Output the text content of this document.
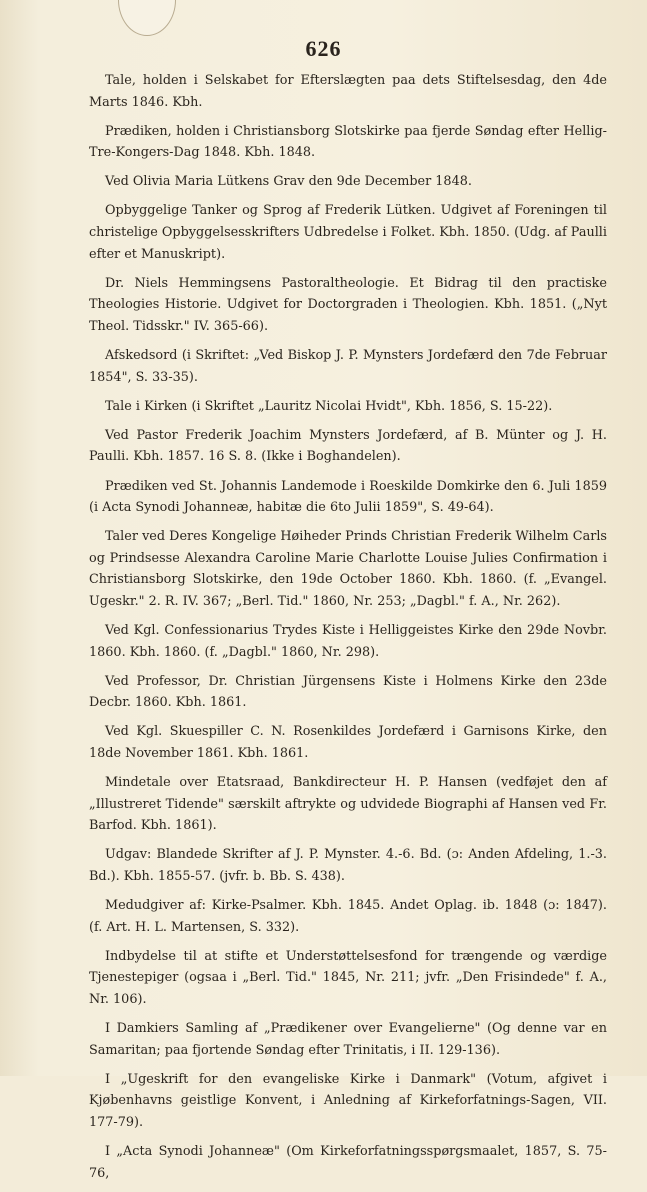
626

Tale, holden i Selskabet for Efterslægten paa dets Stiftelsesdag, den 4de Marts 1846. Kbh.

Prædiken, holden i Christiansborg Slotskirke paa fjerde Søndag efter Hellig-Tre-Kongers-Dag 1848. Kbh. 1848.

Ved Olivia Maria Lütkens Grav den 9de December 1848.

Opbyggelige Tanker og Sprog af Frederik Lütken. Udgivet af Foreningen til christelige Opbyggelsesskrifters Udbredelse i Folket. Kbh. 1850. (Udg. af Paulli efter et Manuskript).

Dr. Niels Hemmingsens Pastoraltheologie. Et Bidrag til den practiske Theologies Historie. Udgivet for Doctorgraden i Theologien. Kbh. 1851. („Nyt Theol. Tidsskr." IV. 365-66).

Afskedsord (i Skriftet: „Ved Biskop J. P. Mynsters Jordefærd den 7de Februar 1854", S. 33-35).

Tale i Kirken (i Skriftet „Lauritz Nicolai Hvidt", Kbh. 1856, S. 15-22).

Ved Pastor Frederik Joachim Mynsters Jordefærd, af B. Münter og J. H. Paulli. Kbh. 1857. 16 S. 8. (Ikke i Boghandelen).

Prædiken ved St. Johannis Landemode i Roeskilde Domkirke den 6. Juli 1859 (i Acta Synodi Johanneæ, habitæ die 6to Julii 1859", S. 49-64).

Taler ved Deres Kongelige Høiheder Prinds Christian Frederik Wilhelm Carls og Prindsesse Alexandra Caroline Marie Charlotte Louise Julies Confirmation i Christiansborg Slotskirke, den 19de October 1860. Kbh. 1860. (f. „Evangel. Ugeskr." 2. R. IV. 367; „Berl. Tid." 1860, Nr. 253; „Dagbl." f. A., Nr. 262).

Ved Kgl. Confessionarius Trydes Kiste i Helliggeistes Kirke den 29de Novbr. 1860. Kbh. 1860. (f. „Dagbl." 1860, Nr. 298).

Ved Professor, Dr. Christian Jürgensens Kiste i Holmens Kirke den 23de Decbr. 1860. Kbh. 1861.

Ved Kgl. Skuespiller C. N. Rosenkildes Jordefærd i Garnisons Kirke, den 18de November 1861. Kbh. 1861.

Mindetale over Etatsraad, Bankdirecteur H. P. Hansen (vedføjet den af „Illustreret Tidende" særskilt aftrykte og udvidede Biographi af Hansen ved Fr. Barfod. Kbh. 1861).

Udgav: Blandede Skrifter af J. P. Mynster. 4.-6. Bd. (ɔ: Anden Afdeling, 1.-3. Bd.). Kbh. 1855-57. (jvfr. b. Bb. S. 438).

Medudgiver af: Kirke-Psalmer. Kbh. 1845. Andet Oplag. ib. 1848 (ɔ: 1847). (f. Art. H. L. Martensen, S. 332).

Indbydelse til at stifte et Understøttelsesfond for trængende og værdige Tjenestepiger (ogsaa i „Berl. Tid." 1845, Nr. 211; jvfr. „Den Frisindede" f. A., Nr. 106).

I Damkiers Samling af „Prædikener over Evangelierne" (Og denne var en Samaritan; paa fjortende Søndag efter Trinitatis, i II. 129-136).

I „Ugeskrift for den evangeliske Kirke i Danmark" (Votum, afgivet i Kjøbenhavns geistlige Konvent, i Anledning af Kirkeforfatnings-Sagen, VII. 177-79).

I „Acta Synodi Johanneæ" (Om Kirkeforfatningsspørgsmaalet, 1857, S. 75-76,
